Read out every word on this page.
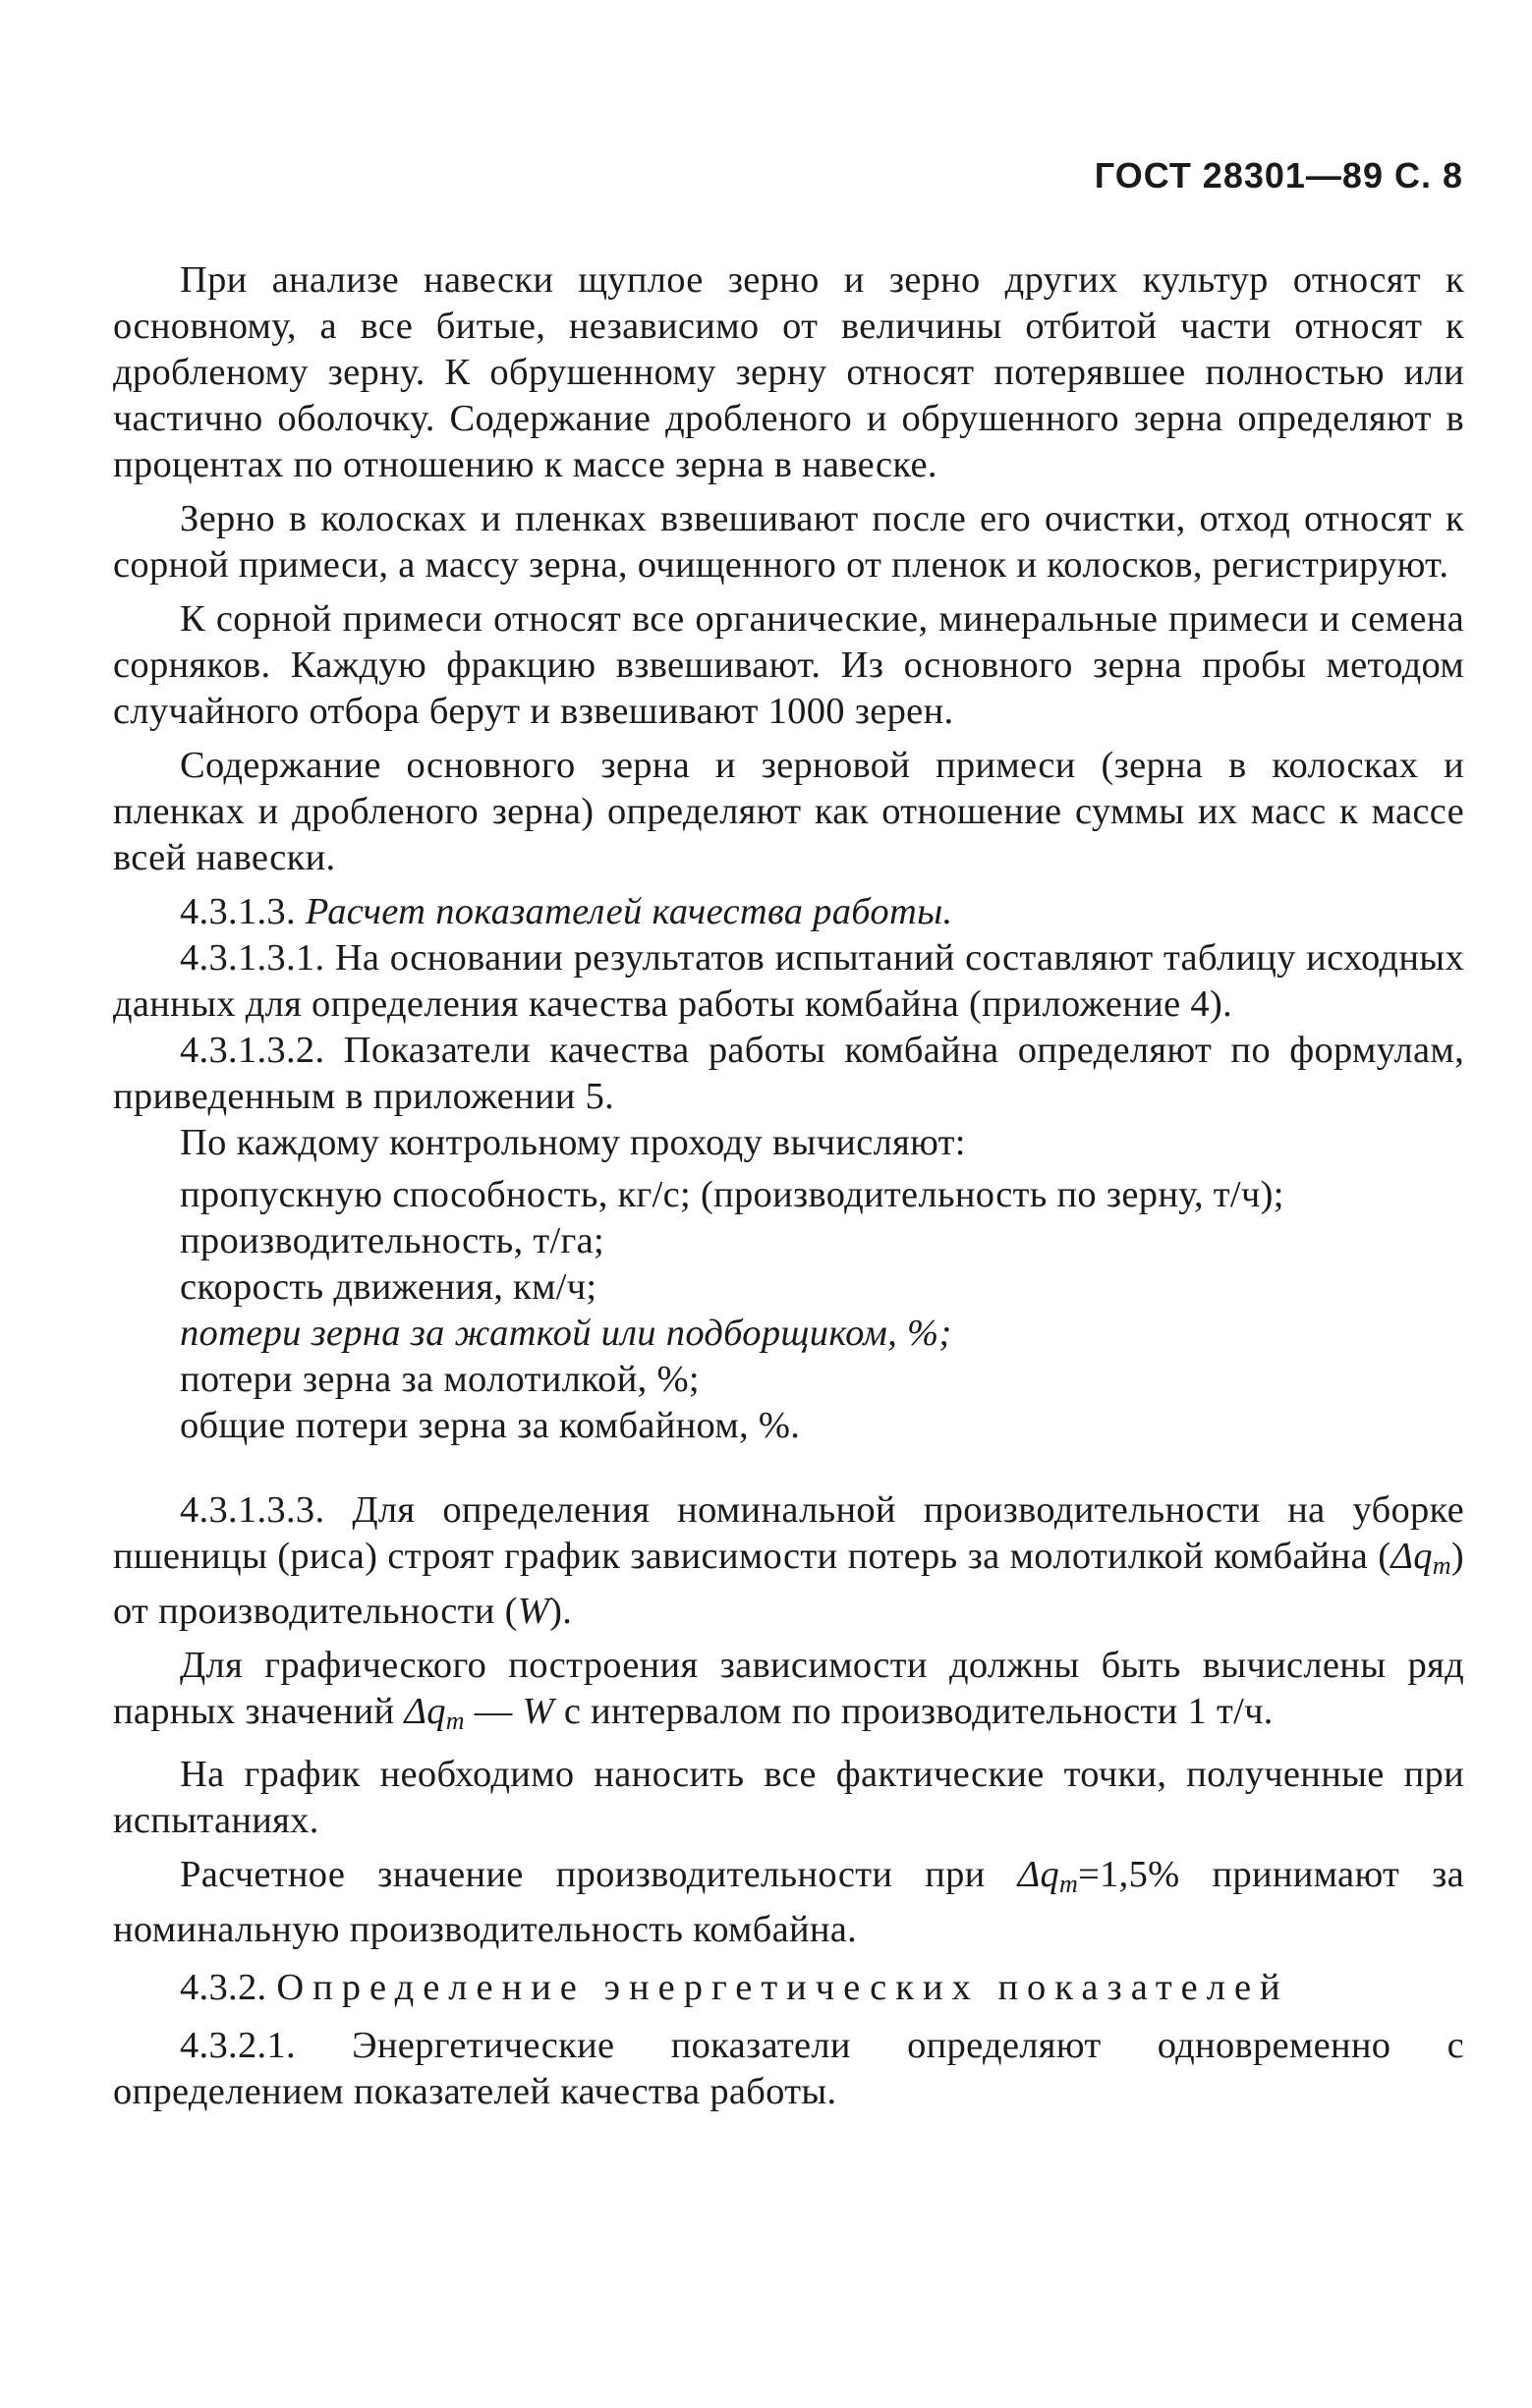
ГОСТ 28301—89 С. 8

При анализе навески щуплое зерно и зерно других культур относят к основному, а все битые, независимо от величины отбитой части относят к дробленому зерну. К обрушенному зерну относят потерявшее полностью или частично оболочку. Содержание дробленого и обрушенного зерна определяют в процентах по отношению к массе зерна в навеске.

Зерно в колосках и пленках взвешивают после его очистки, отход относят к сорной примеси, а массу зерна, очищенного от пленок и колосков, регистрируют.

К сорной примеси относят все органические, минеральные примеси и семена сорняков. Каждую фракцию взвешивают. Из основного зерна пробы методом случайного отбора берут и взвешивают 1000 зерен.

Содержание основного зерна и зерновой примеси (зерна в колосках и пленках и дробленого зерна) определяют как отношение суммы их масс к массе всей навески.

4.3.1.3. Расчет показателей качества работы.

4.3.1.3.1. На основании результатов испытаний составляют таблицу исходных данных для определения качества работы комбайна (приложение 4).

4.3.1.3.2. Показатели качества работы комбайна определяют по формулам, приведенным в приложении 5.

По каждому контрольному проходу вычисляют:

пропускную способность, кг/с; (производительность по зерну, т/ч);

производительность, т/га;

скорость движения, км/ч;

потери зерна за жаткой или подборщиком, %;

потери зерна за молотилкой, %;

общие потери зерна за комбайном, %.

4.3.1.3.3. Для определения номинальной производительности на уборке пшеницы (риса) строят график зависимости потерь за молотилкой комбайна $(\Delta q_m)$ от производительности (W).

Для графического построения зависимости должны быть вычислены ряд парных значений $\Delta q_m$ — W с интервалом по производительности 1 т/ч.

На график необходимо наносить все фактические точки, полученные при испытаниях.

Расчетное значение производительности при $\Delta q_m=1,5\%$ принимают за номинальную производительность комбайна.

4.3.2. Определение энергетических показателей

4.3.2.1. Энергетические показатели определяют одновременно с определением показателей качества работы.
